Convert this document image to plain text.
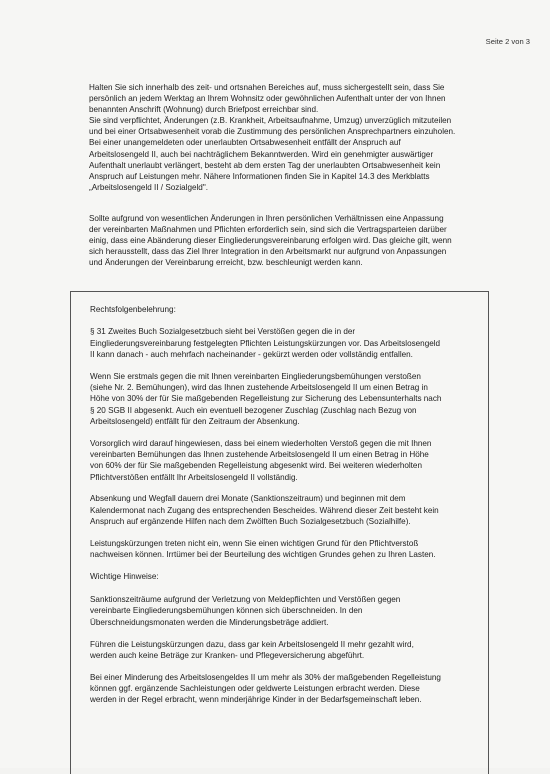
Seite 2 von 3

Halten Sie sich innerhalb des zeit- und ortsnahen Bereiches auf, muss sichergestellt sein, dass Sie

persönlich an jedem Werktag an Ihrem Wohnsitz oder gewöhnlichen Aufenthalt unter der von Ihnen

benannten Anschrift (Wohnung) durch Briefpost erreichbar sind.

Sie sind verpflichtet, Änderungen (z.B. Krankheit, Arbeitsaufnahme, Umzug) unverzüglich mitzuteilen

und bei einer Ortsabwesenheit vorab die Zustimmung des persönlichen Ansprechpartners einzuholen.

Bei einer unangemeldeten oder unerlaubten Ortsabwesenheit entfällt der Anspruch auf

Arbeitslosengeld II, auch bei nachträglichem Bekanntwerden. Wird ein genehmigter auswärtiger

Aufenthalt unerlaubt verlängert, besteht ab dem ersten Tag der unerlaubten Ortsabwesenheit kein

Anspruch auf Leistungen mehr. Nähere Informationen finden Sie in Kapitel 14.3 des Merkblatts

„Arbeitslosengeld II / Sozialgeld".

Sollte aufgrund von wesentlichen Änderungen in Ihren persönlichen Verhältnissen eine Anpassung

der vereinbarten Maßnahmen und Pflichten erforderlich sein, sind sich die Vertragsparteien darüber

einig, dass eine Abänderung dieser Eingliederungsvereinbarung erfolgen wird. Das gleiche gilt, wenn

sich herausstellt, dass das Ziel Ihrer Integration in den Arbeitsmarkt nur aufgrund von Anpassungen

und Änderungen der Vereinbarung erreicht, bzw. beschleunigt werden kann.

Rechtsfolgenbelehrung:

§ 31 Zweites Buch Sozialgesetzbuch sieht bei Verstößen gegen die in der
Eingliederungsvereinbarung festgelegten Pflichten Leistungskürzungen vor. Das Arbeitslosengeld
II kann danach - auch mehrfach nacheinander - gekürzt werden oder vollständig entfallen.

Wenn Sie erstmals gegen die mit Ihnen vereinbarten Eingliederungsbemühungen verstoßen
(siehe Nr. 2. Bemühungen), wird das Ihnen zustehende Arbeitslosengeld II um einen Betrag in
Höhe von 30% der für Sie maßgebenden Regelleistung zur Sicherung des Lebensunterhalts nach
§ 20 SGB II abgesenkt. Auch ein eventuell bezogener Zuschlag (Zuschlag nach Bezug von
Arbeitslosengeld) entfällt für den Zeitraum der Absenkung.

Vorsorglich wird darauf hingewiesen, dass bei einem wiederholten Verstoß gegen die mit Ihnen
vereinbarten Bemühungen das Ihnen zustehende Arbeitslosengeld II um einen Betrag in Höhe
von 60% der für Sie maßgebenden Regelleistung abgesenkt wird. Bei weiteren wiederholten
Pflichtverstößen entfällt Ihr Arbeitslosengeld II vollständig.

Absenkung und Wegfall dauern drei Monate (Sanktionszeitraum) und beginnen mit dem
Kalendermonat nach Zugang des entsprechenden Bescheides. Während dieser Zeit besteht kein
Anspruch auf ergänzende Hilfen nach dem Zwölften Buch Sozialgesetzbuch (Sozialhilfe).

Leistungskürzungen treten nicht ein, wenn Sie einen wichtigen Grund für den Pflichtverstoß
nachweisen können. Irrtümer bei der Beurteilung des wichtigen Grundes gehen zu Ihren Lasten.

Wichtige Hinweise:

Sanktionszeiträume aufgrund der Verletzung von Meldepflichten und Verstößen gegen
vereinbarte Eingliederungsbemühungen können sich überschneiden. In den
Überschneidungsmonaten werden die Minderungsbeträge addiert.

Führen die Leistungskürzungen dazu, dass gar kein Arbeitslosengeld II mehr gezahlt wird,
werden auch keine Beträge zur Kranken- und Pflegeversicherung abgeführt.

Bei einer Minderung des Arbeitslosengeldes II um mehr als 30% der maßgebenden Regelleistung
können ggf. ergänzende Sachleistungen oder geldwerte Leistungen erbracht werden. Diese
werden in der Regel erbracht, wenn minderjährige Kinder in der Bedarfsgemeinschaft leben.
